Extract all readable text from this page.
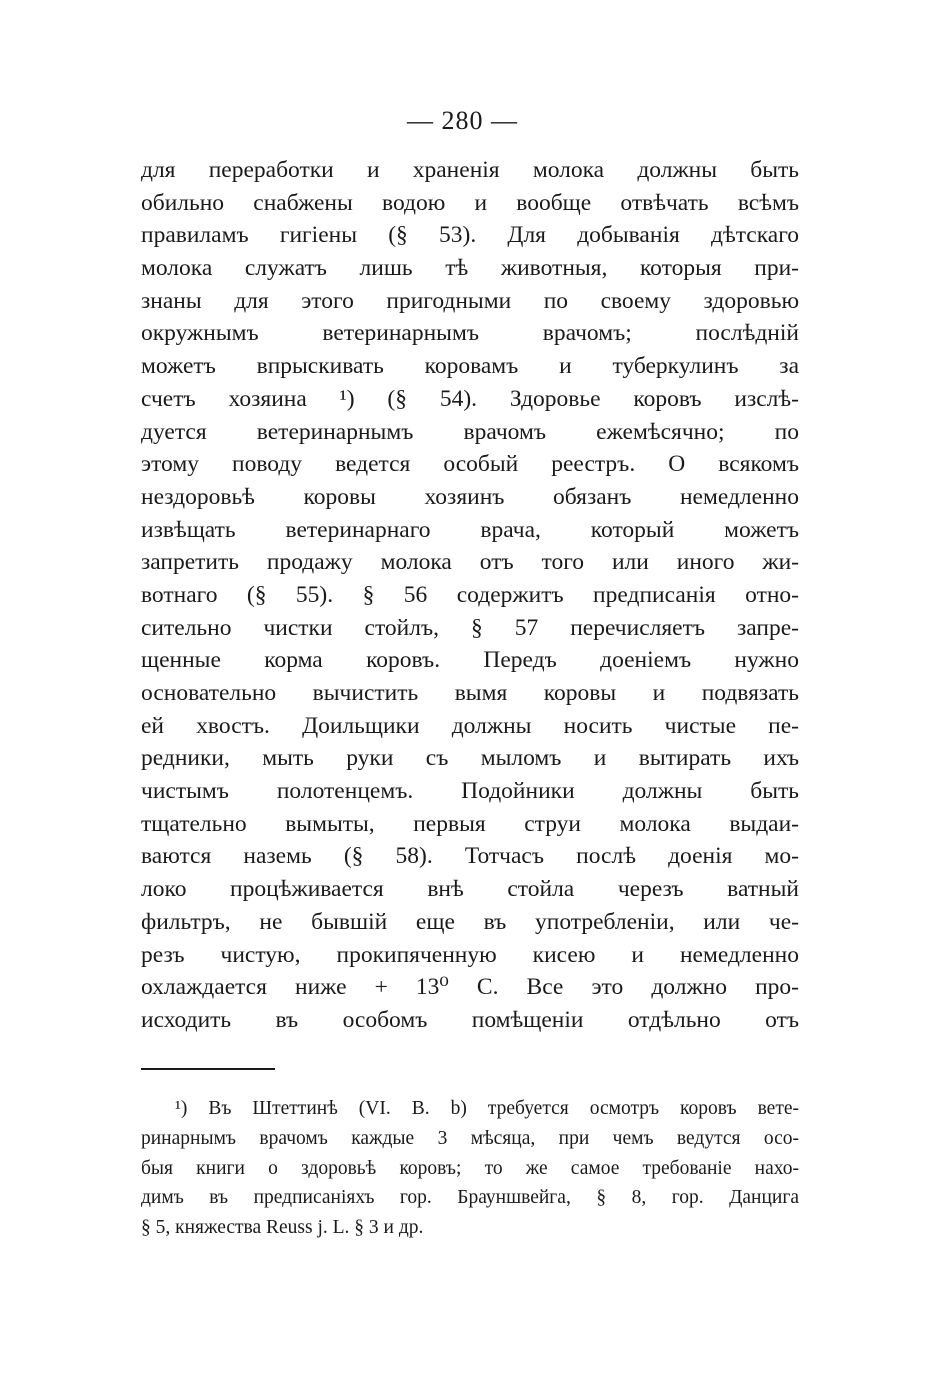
— 280 —
для переработки и храненія молока должны быть
обильно снабжены водою и вообще отвѣчать всѣмъ
правиламъ гигіены (§ 53). Для добыванія дѣтскаго
молока служатъ лишь тѣ животныя, которыя при-
знаны для этого пригодными по своему здоровью
окружнымъ ветеринарнымъ врачомъ; послѣдній
можетъ впрыскивать коровамъ и туберкулинъ за
счетъ хозяина ¹) (§ 54). Здоровье коровъ изслѣ-
дуется ветеринарнымъ врачомъ ежемѣсячно; по
этому поводу ведется особый реестръ. О всякомъ
нездоровьѣ коровы хозяинъ обязанъ немедленно
извѣщать ветеринарнаго врача, который можетъ
запретить продажу молока отъ того или иного жи-
вотнаго (§ 55). § 56 содержитъ предписанія отно-
сительно чистки стойлъ, § 57 перечисляетъ запре-
щенные корма коровъ. Передъ доеніемъ нужно
основательно вычистить вымя коровы и подвязать
ей хвостъ. Доильщики должны носить чистые пе-
редники, мыть руки съ мыломъ и вытирать ихъ
чистымъ полотенцемъ. Подойники должны быть
тщательно вымыты, первыя струи молока выдаи-
ваются наземь (§ 58). Тотчасъ послѣ доенія мо-
локо процѣживается внѣ стойла черезъ ватный
фильтръ, не бывшій еще въ употребленіи, или че-
резъ чистую, прокипяченную кисею и немедленно
охлаждается ниже + 13⁰ С. Все это должно про-
исходить въ особомъ помѣщеніи отдѣльно отъ
¹) Въ Штеттинѣ (VI. B. b) требуется осмотръ коровъ вете-
ринарнымъ врачомъ каждые 3 мѣсяца, при чемъ ведутся осо-
быя книги о здоровьѣ коровъ; то же самое требованіе нахо-
димъ въ предписаніяхъ гор. Брауншвейга, § 8, гор. Данцига
§ 5, княжества Reuss j. L. § 3 и др.
